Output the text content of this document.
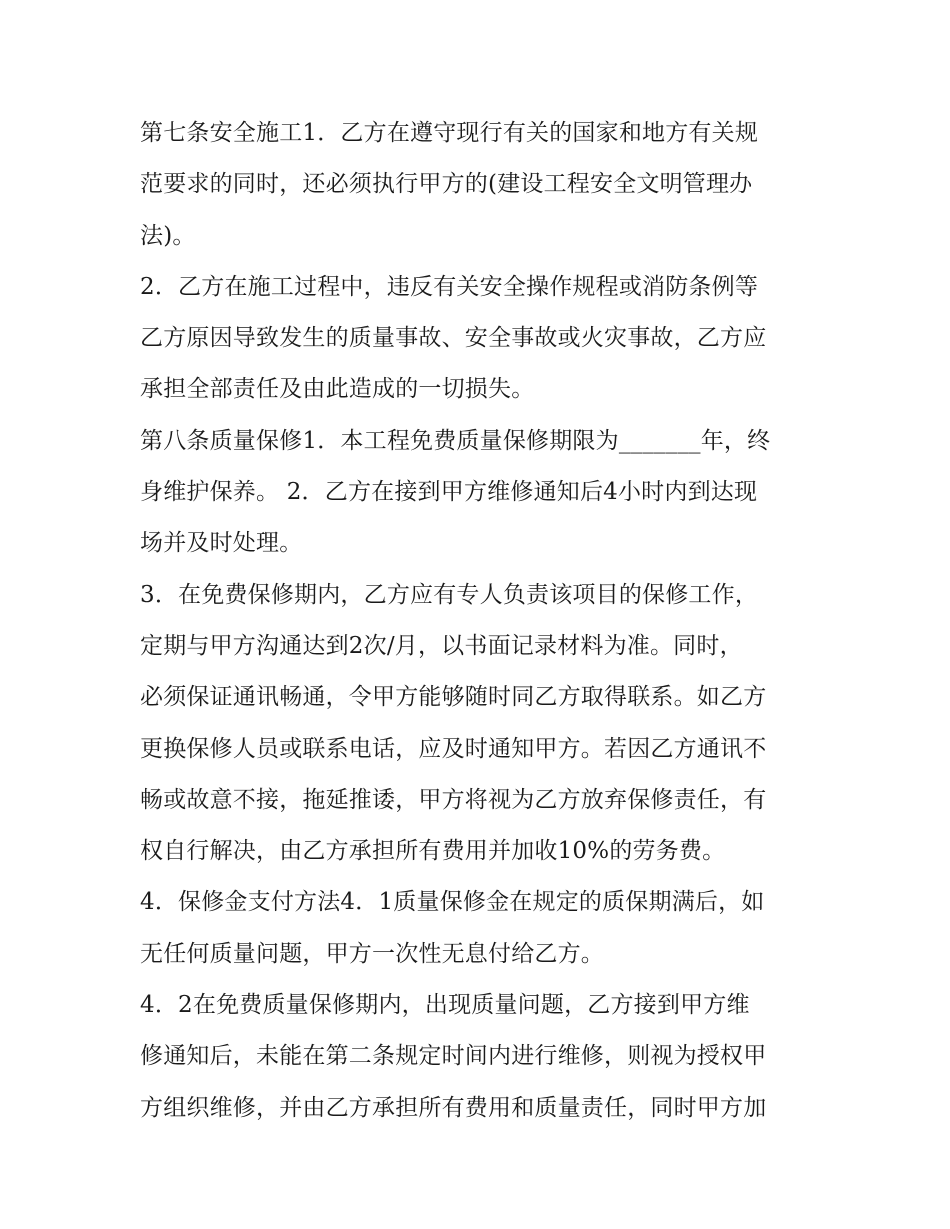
第七条安全施工1．乙方在遵守现行有关的国家和地方有关规
范要求的同时，还必须执行甲方的(建设工程安全文明管理办
法)。

2．乙方在施工过程中，违反有关安全操作规程或消防条例等
乙方原因导致发生的质量事故、安全事故或火灾事故，乙方应
承担全部责任及由此造成的一切损失。

第八条质量保修1．本工程免费质量保修期限为_______年，终
身维护保养。 2．乙方在接到甲方维修通知后4小时内到达现
场并及时处理。

3．在免费保修期内，乙方应有专人负责该项目的保修工作，
定期与甲方沟通达到2次/月，以书面记录材料为准。同时，
必须保证通讯畅通，令甲方能够随时同乙方取得联系。如乙方
更换保修人员或联系电话，应及时通知甲方。若因乙方通讯不
畅或故意不接，拖延推诿，甲方将视为乙方放弃保修责任，有
权自行解决，由乙方承担所有费用并加收10%的劳务费。

4．保修金支付方法4．1质量保修金在规定的质保期满后，如
无任何质量问题，甲方一次性无息付给乙方。

4．2在免费质量保修期内，出现质量问题，乙方接到甲方维
修通知后，未能在第二条规定时间内进行维修，则视为授权甲
方组织维修，并由乙方承担所有费用和质量责任，同时甲方加
